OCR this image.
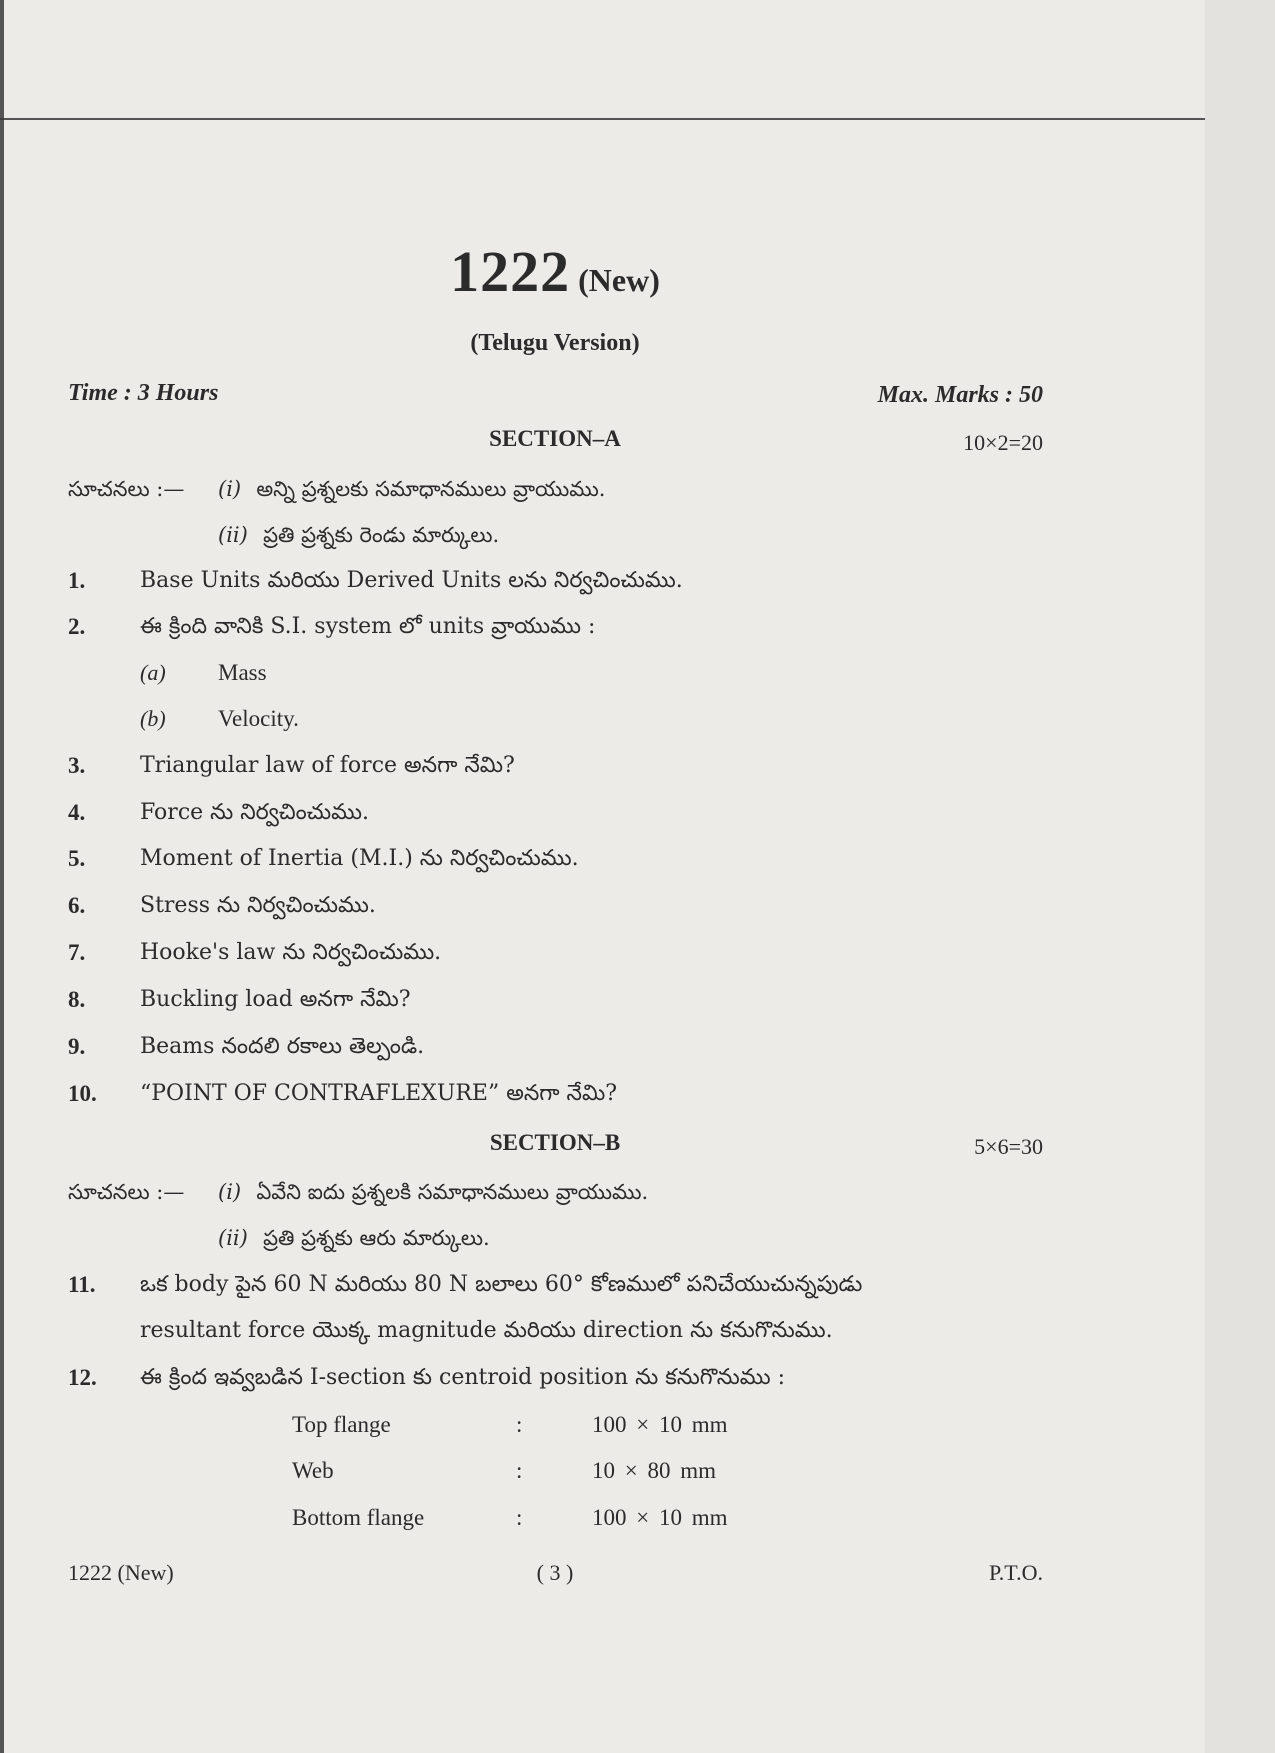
1222 (New)
(Telugu Version)
Time : 3 Hours	Max. Marks : 50
SECTION–A	10×2=20
సూచనలు :— (i) అన్ని ప్రశ్నలకు సమాధానములు వ్రాయుము.
(ii) ప్రతి ప్రశ్నకు రెండు మార్కులు.
1. Base Units మరియు Derived Units లను నిర్వచించుము.
2. ఈ క్రింది వానికి S.I. system లో units వ్రాయుము :
(a) Mass
(b) Velocity.
3. Triangular law of force అనగా నేమి?
4. Force ను నిర్వచించుము.
5. Moment of Inertia (M.I.) ను నిర్వచించుము.
6. Stress ను నిర్వచించుము.
7. Hooke's law ను నిర్వచించుము.
8. Buckling load అనగా నేమి?
9. Beams నందలి రకాలు తెల్పండి.
10. “POINT OF CONTRAFLEXURE” అనగా నేమి?
SECTION–B	5×6=30
సూచనలు :— (i) ఏవేని ఐదు ప్రశ్నలకి సమాధానములు వ్రాయుము.
(ii) ప్రతి ప్రశ్నకు ఆరు మార్కులు.
11. ఒక body పైన 60 N మరియు 80 N బలాలు 60° కోణములో పనిచేయుచున్నపుడు
resultant force యొక్క magnitude మరియు direction ను కనుగొనుము.
12. ఈ క్రింద ఇవ్వబడిన I-section కు centroid position ను కనుగొనుము :
Top flange	:	100 × 10 mm
Web	:	10 × 80 mm
Bottom flange	:	100 × 10 mm
1222 (New)	( 3 )	P.T.O.
